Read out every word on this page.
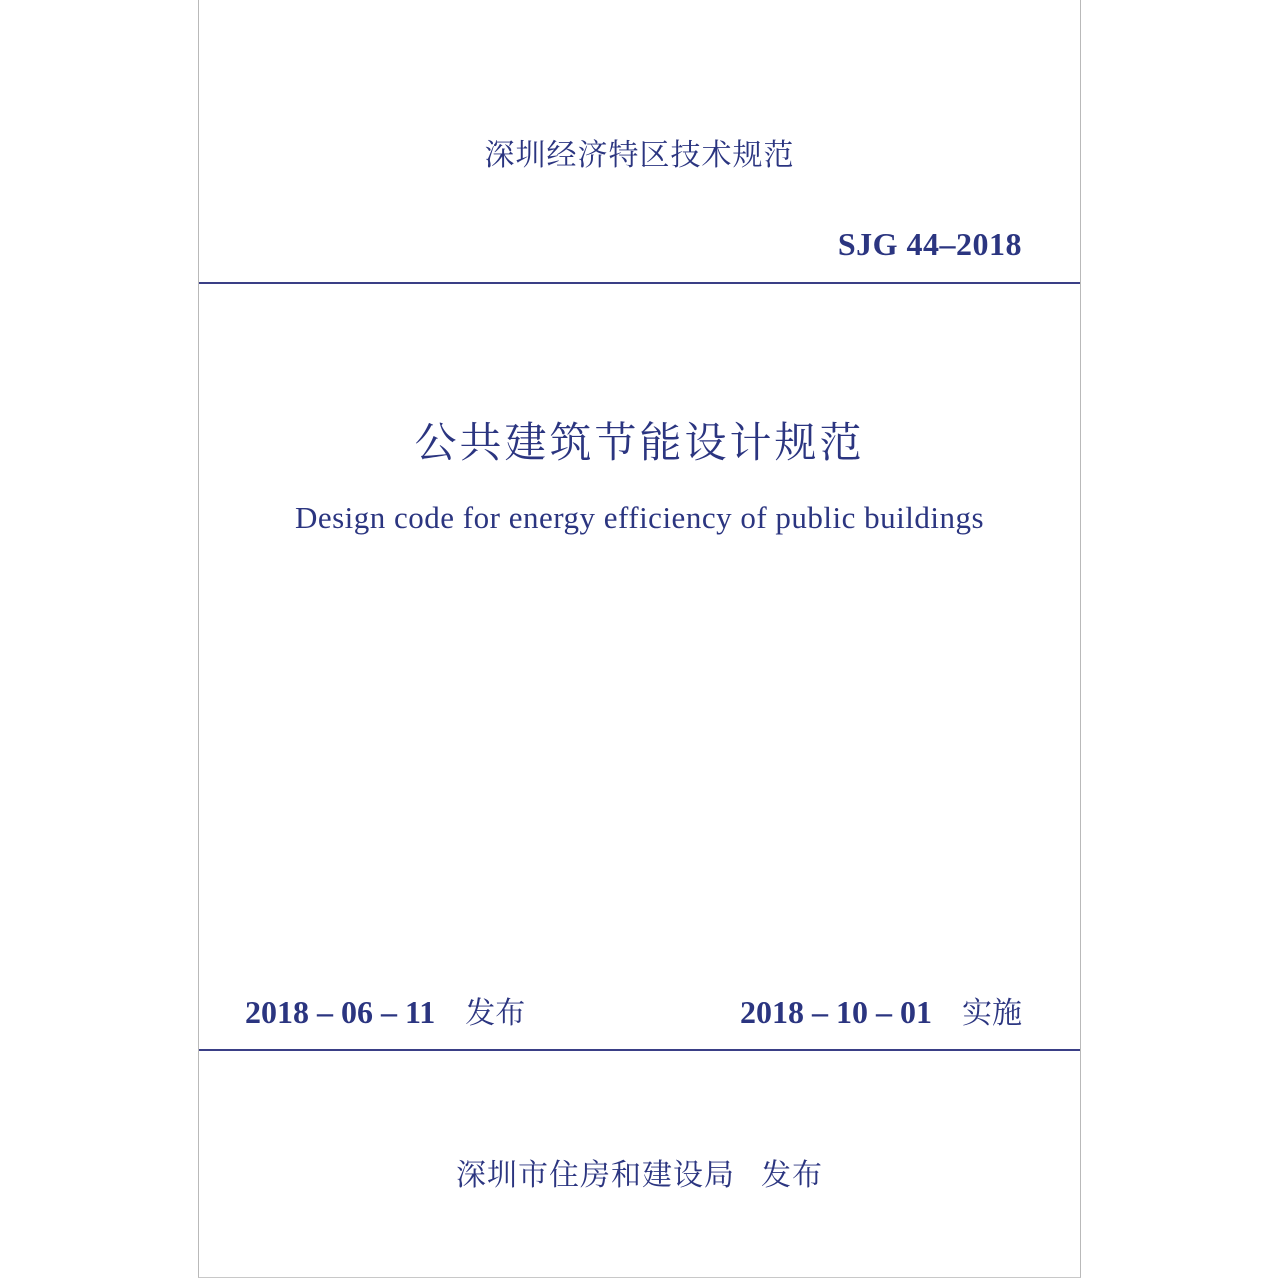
深圳经济特区技术规范
SJG 44–2018
公共建筑节能设计规范
Design code for energy efficiency of public buildings
2018 – 06 – 11 发布	2018 – 10 – 01 实施
深圳市住房和建设局 发布
